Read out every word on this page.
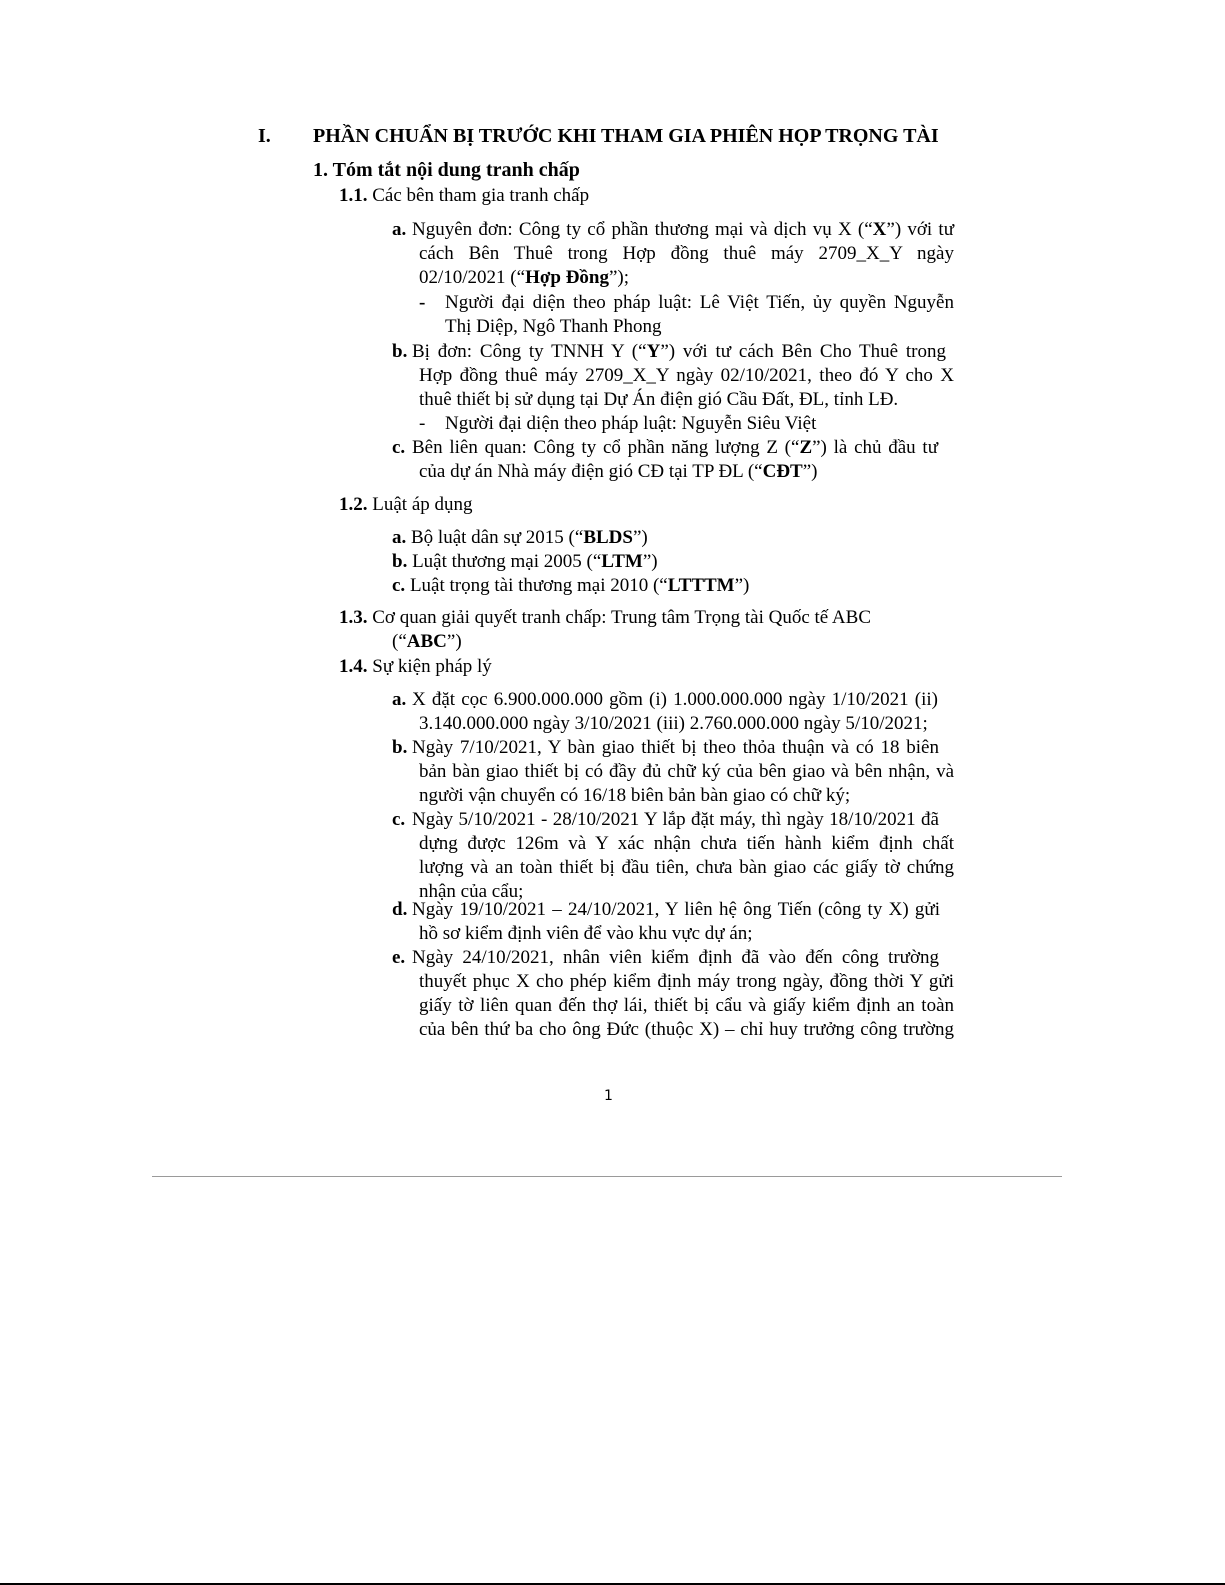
I. PHẦN CHUẨN BỊ TRƯỚC KHI THAM GIA PHIÊN HỌP TRỌNG TÀI
1. Tóm tắt nội dung tranh chấp
1.1. Các bên tham gia tranh chấp
a. Nguyên đơn: Công ty cổ phần thương mại và dịch vụ X (“X”) với tư
cách Bên Thuê trong Hợp đồng thuê máy 2709_X_Y ngày
02/10/2021 (“Hợp Đồng”);
- Người đại diện theo pháp luật: Lê Việt Tiến, ủy quyền Nguyễn
Thị Diệp, Ngô Thanh Phong
b. Bị đơn: Công ty TNNH Y (“Y”) với tư cách Bên Cho Thuê trong
Hợp đồng thuê máy 2709_X_Y ngày 02/10/2021, theo đó Y cho X
thuê thiết bị sử dụng tại Dự Án điện gió Cầu Đất, ĐL, tỉnh LĐ.
- Người đại diện theo pháp luật: Nguyễn Siêu Việt
c. Bên liên quan: Công ty cổ phần năng lượng Z (“Z”) là chủ đầu tư
của dự án Nhà máy điện gió CĐ tại TP ĐL (“CĐT”)
1.2. Luật áp dụng
a. Bộ luật dân sự 2015 (“BLDS”)
b. Luật thương mại 2005 (“LTM”)
c. Luật trọng tài thương mại 2010 (“LTTTM”)
1.3. Cơ quan giải quyết tranh chấp: Trung tâm Trọng tài Quốc tế ABC
(“ABC”)
1.4. Sự kiện pháp lý
a. X đặt cọc 6.900.000.000 gồm (i) 1.000.000.000 ngày 1/10/2021 (ii)
3.140.000.000 ngày 3/10/2021 (iii) 2.760.000.000 ngày 5/10/2021;
b. Ngày 7/10/2021, Y bàn giao thiết bị theo thỏa thuận và có 18 biên
bản bàn giao thiết bị có đầy đủ chữ ký của bên giao và bên nhận, và
người vận chuyển có 16/18 biên bản bàn giao có chữ ký;
c. Ngày 5/10/2021 - 28/10/2021 Y lắp đặt máy, thì ngày 18/10/2021 đã
dựng được 126m và Y xác nhận chưa tiến hành kiểm định chất
lượng và an toàn thiết bị đầu tiên, chưa bàn giao các giấy tờ chứng
nhận của cẩu;
d. Ngày 19/10/2021 – 24/10/2021, Y liên hệ ông Tiến (công ty X) gửi
hồ sơ kiểm định viên để vào khu vực dự án;
e. Ngày 24/10/2021, nhân viên kiểm định đã vào đến công trường
thuyết phục X cho phép kiểm định máy trong ngày, đồng thời Y gửi
giấy tờ liên quan đến thợ lái, thiết bị cẩu và giấy kiểm định an toàn
của bên thứ ba cho ông Đức (thuộc X) – chỉ huy trưởng công trường
1
